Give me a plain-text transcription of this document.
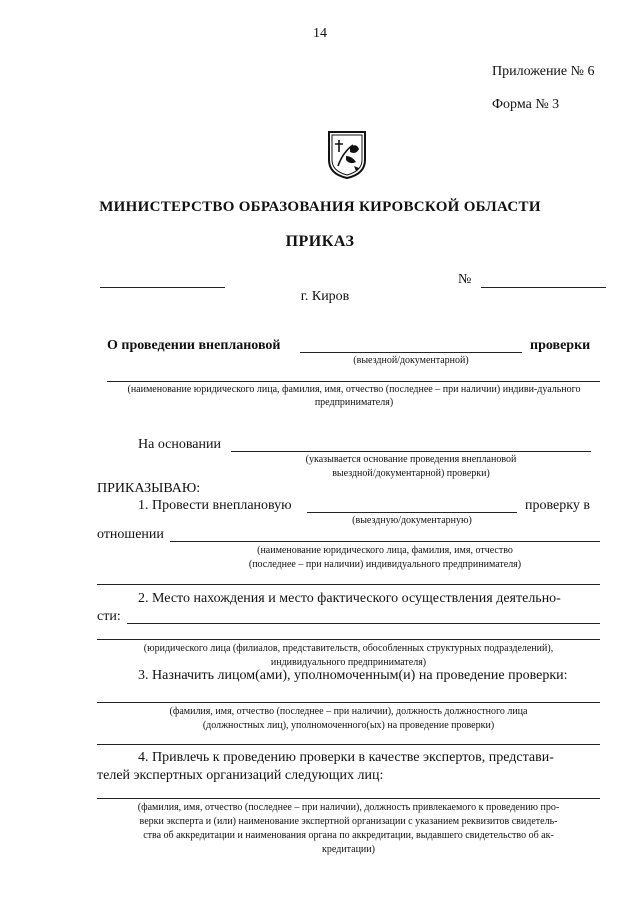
14
Приложение № 6
Форма № 3
МИНИСТЕРСТВО ОБРАЗОВАНИЯ КИРОВСКОЙ ОБЛАСТИ
ПРИКАЗ
№
г. Киров
О проведении внеплановой	проверки
(выездной/документарной)
(наименование юридического лица, фамилия, имя, отчество (последнее – при наличии) индиви-дуального предпринимателя)
На основании
(указывается основание проведения внеплановой
выездной/документарной) проверки)
ПРИКАЗЫВАЮ:
1. Провести внеплановую	проверку в
(выездную/документарную)
отношении
(наименование юридического лица, фамилия, имя, отчество
(последнее – при наличии) индивидуального предпринимателя)
2. Место нахождения и место фактического осуществления деятельно-
сти:
(юридического лица (филиалов, представительств, обособленных структурных подразделений),
индивидуального предпринимателя)
3. Назначить лицом(ами), уполномоченным(и) на проведение проверки:
(фамилия, имя, отчество (последнее – при наличии), должность должностного лица
(должностных лиц), уполномоченного(ых) на проведение проверки)
4. Привлечь к проведению проверки в качестве экспертов, представи-
телей экспертных организаций следующих лиц:
(фамилия, имя, отчество (последнее – при наличии), должность привлекаемого к проведению про-
верки эксперта и (или) наименование экспертной организации с указанием реквизитов свидетель-
ства об аккредитации и наименования органа по аккредитации, выдавшего свидетельство об ак-
кредитации)
